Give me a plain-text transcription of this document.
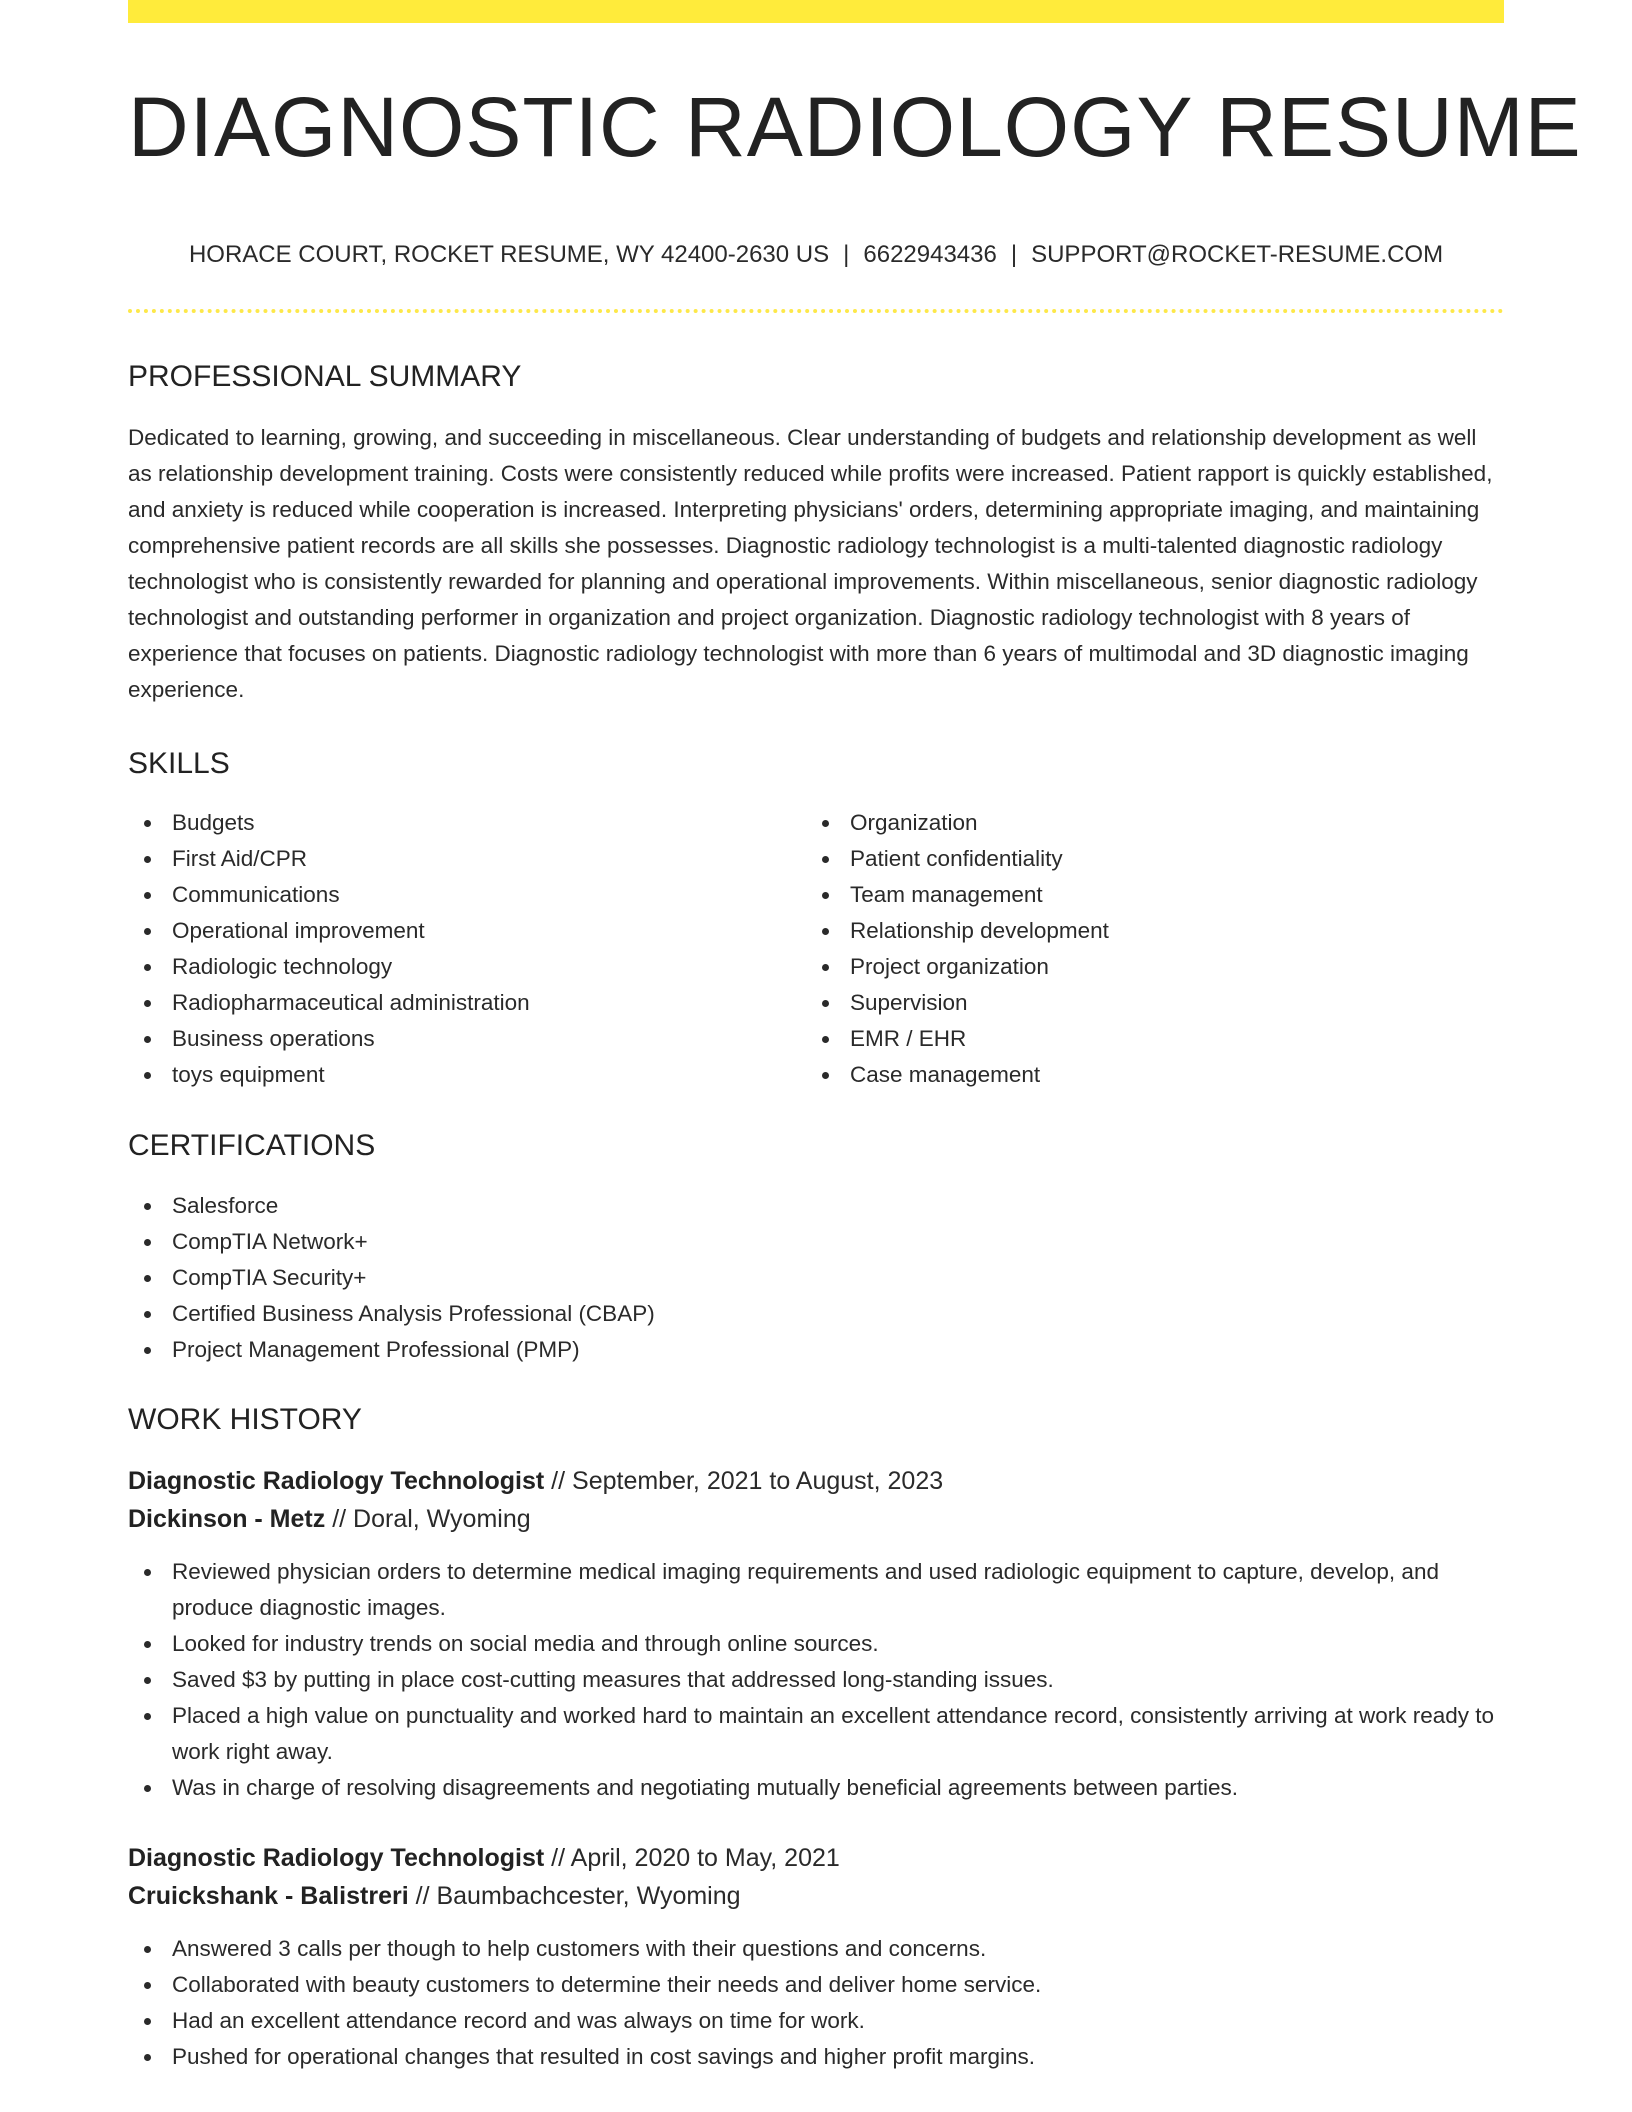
DIAGNOSTIC RADIOLOGY RESUME
HORACE COURT, ROCKET RESUME, WY 42400-2630 US | 6622943436 | SUPPORT@ROCKET-RESUME.COM
PROFESSIONAL SUMMARY

Dedicated to learning, growing, and succeeding in miscellaneous. Clear understanding of budgets and relationship development as well as relationship development training. Costs were consistently reduced while profits were increased. Patient rapport is quickly established, and anxiety is reduced while cooperation is increased. Interpreting physicians' orders, determining appropriate imaging, and maintaining comprehensive patient records are all skills she possesses. Diagnostic radiology technologist is a multi-talented diagnostic radiology technologist who is consistently rewarded for planning and operational improvements. Within miscellaneous, senior diagnostic radiology technologist and outstanding performer in organization and project organization. Diagnostic radiology technologist with 8 years of experience that focuses on patients. Diagnostic radiology technologist with more than 6 years of multimodal and 3D diagnostic imaging experience.

SKILLS
Budgets
First Aid/CPR
Communications
Operational improvement
Radiologic technology
Radiopharmaceutical administration
Business operations
toys equipment
Organization
Patient confidentiality
Team management
Relationship development
Project organization
Supervision
EMR / EHR
Case management
CERTIFICATIONS
Salesforce
CompTIA Network+
CompTIA Security+
Certified Business Analysis Professional (CBAP)
Project Management Professional (PMP)
WORK HISTORY
Diagnostic Radiology Technologist // September, 2021 to August, 2023
Dickinson - Metz // Doral, Wyoming
Reviewed physician orders to determine medical imaging requirements and used radiologic equipment to capture, develop, and produce diagnostic images.
Looked for industry trends on social media and through online sources.
Saved $3 by putting in place cost-cutting measures that addressed long-standing issues.
Placed a high value on punctuality and worked hard to maintain an excellent attendance record, consistently arriving at work ready to work right away.
Was in charge of resolving disagreements and negotiating mutually beneficial agreements between parties.
Diagnostic Radiology Technologist // April, 2020 to May, 2021
Cruickshank - Balistreri // Baumbachcester, Wyoming
Answered 3 calls per though to help customers with their questions and concerns.
Collaborated with beauty customers to determine their needs and deliver home service.
Had an excellent attendance record and was always on time for work.
Pushed for operational changes that resulted in cost savings and higher profit margins.
